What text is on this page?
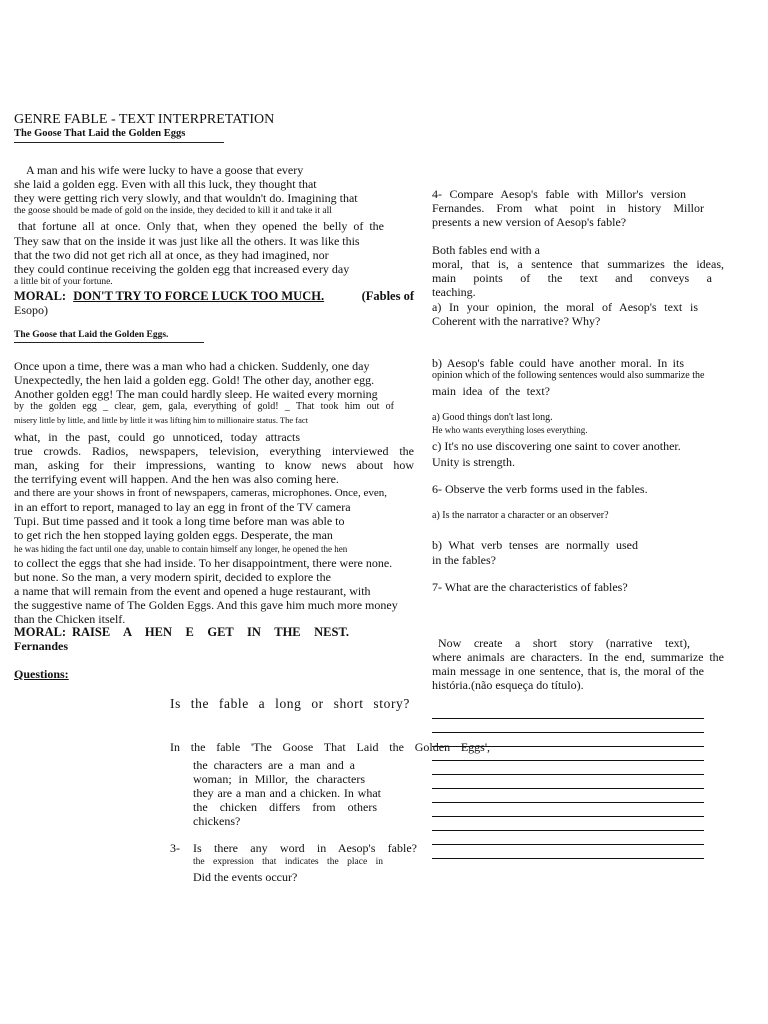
GENRE FABLE - TEXT INTERPRETATION
The Goose That Laid the Golden Eggs
A man and his wife were lucky to have a goose that every
she laid a golden egg. Even with all this luck, they thought that
they were getting rich very slowly, and that wouldn't do. Imagining that
the goose should be made of gold on the inside, they decided to kill it and take it all
that fortune all at once. Only that, when they opened the belly of the
They saw that on the inside it was just like all the others. It was like this
that the two did not get rich all at once, as they had imagined, nor
they could continue receiving the golden egg that increased every day
a little bit of your fortune.
MORAL: DON'T TRY TO FORCE LUCK TOO MUCH.	(Fables of
Esopo)
The Goose that Laid the Golden Eggs.
Once upon a time, there was a man who had a chicken. Suddenly, one day
Unexpectedly, the hen laid a golden egg. Gold! The other day, another egg.
Another golden egg! The man could hardly sleep. He waited every morning
by the golden egg _ clear, gem, gala, everything of gold! _ That took him out of
misery little by little, and little by little it was lifting him to millionaire status. The fact
what, in the past, could go unnoticed, today attracts
true crowds. Radios, newspapers, television, everything interviewed the
man, asking for their impressions, wanting to know news about how
the terrifying event will happen. And the hen was also coming here.
and there are your shows in front of newspapers, cameras, microphones. Once, even,
in an effort to report, managed to lay an egg in front of the TV camera
Tupi. But time passed and it took a long time before man was able to
to get rich the hen stopped laying golden eggs. Desperate, the man
he was hiding the fact until one day, unable to contain himself any longer, he opened the hen
to collect the eggs that she had inside. To her disappointment, there were none.
but none. So the man, a very modern spirit, decided to explore the
a name that will remain from the event and opened a huge restaurant, with
the suggestive name of The Golden Eggs. And this gave him much more money
than the Chicken itself.
MORAL: RAISE A HEN E GET IN THE NEST.
Fernandes
Questions:
Is the fable a long or short story?
In the fable 'The Goose That Laid the Golden Eggs',
the characters are a man and a
woman; in Millor, the characters
they are a man and a chicken. In what
the chicken differs from others
chickens?
3- Is there any word in Aesop's fable?
the expression that indicates the place in
Did the events occur?
4- Compare Aesop's fable with Millor's version
Fernandes. From what point in history Millor
presents a new version of Aesop's fable?
Both fables end with a
moral, that is, a sentence that summarizes the ideas,
main points of the text and conveys a
teaching.
a) In your opinion, the moral of Aesop's text is
Coherent with the narrative? Why?
b) Aesop's fable could have another moral. In its
opinion which of the following sentences would also summarize the
main idea of the text?
a) Good things don't last long.
He who wants everything loses everything.
c) It's no use discovering one saint to cover another.
Unity is strength.
6- Observe the verb forms used in the fables.
a) Is the narrator a character or an observer?
b) What verb tenses are normally used
in the fables?
7- What are the characteristics of fables?
Now create a short story (narrative text),
where animals are characters. In the end, summarize the
main message in one sentence, that is, the moral of the
história.(não esqueça do título).
